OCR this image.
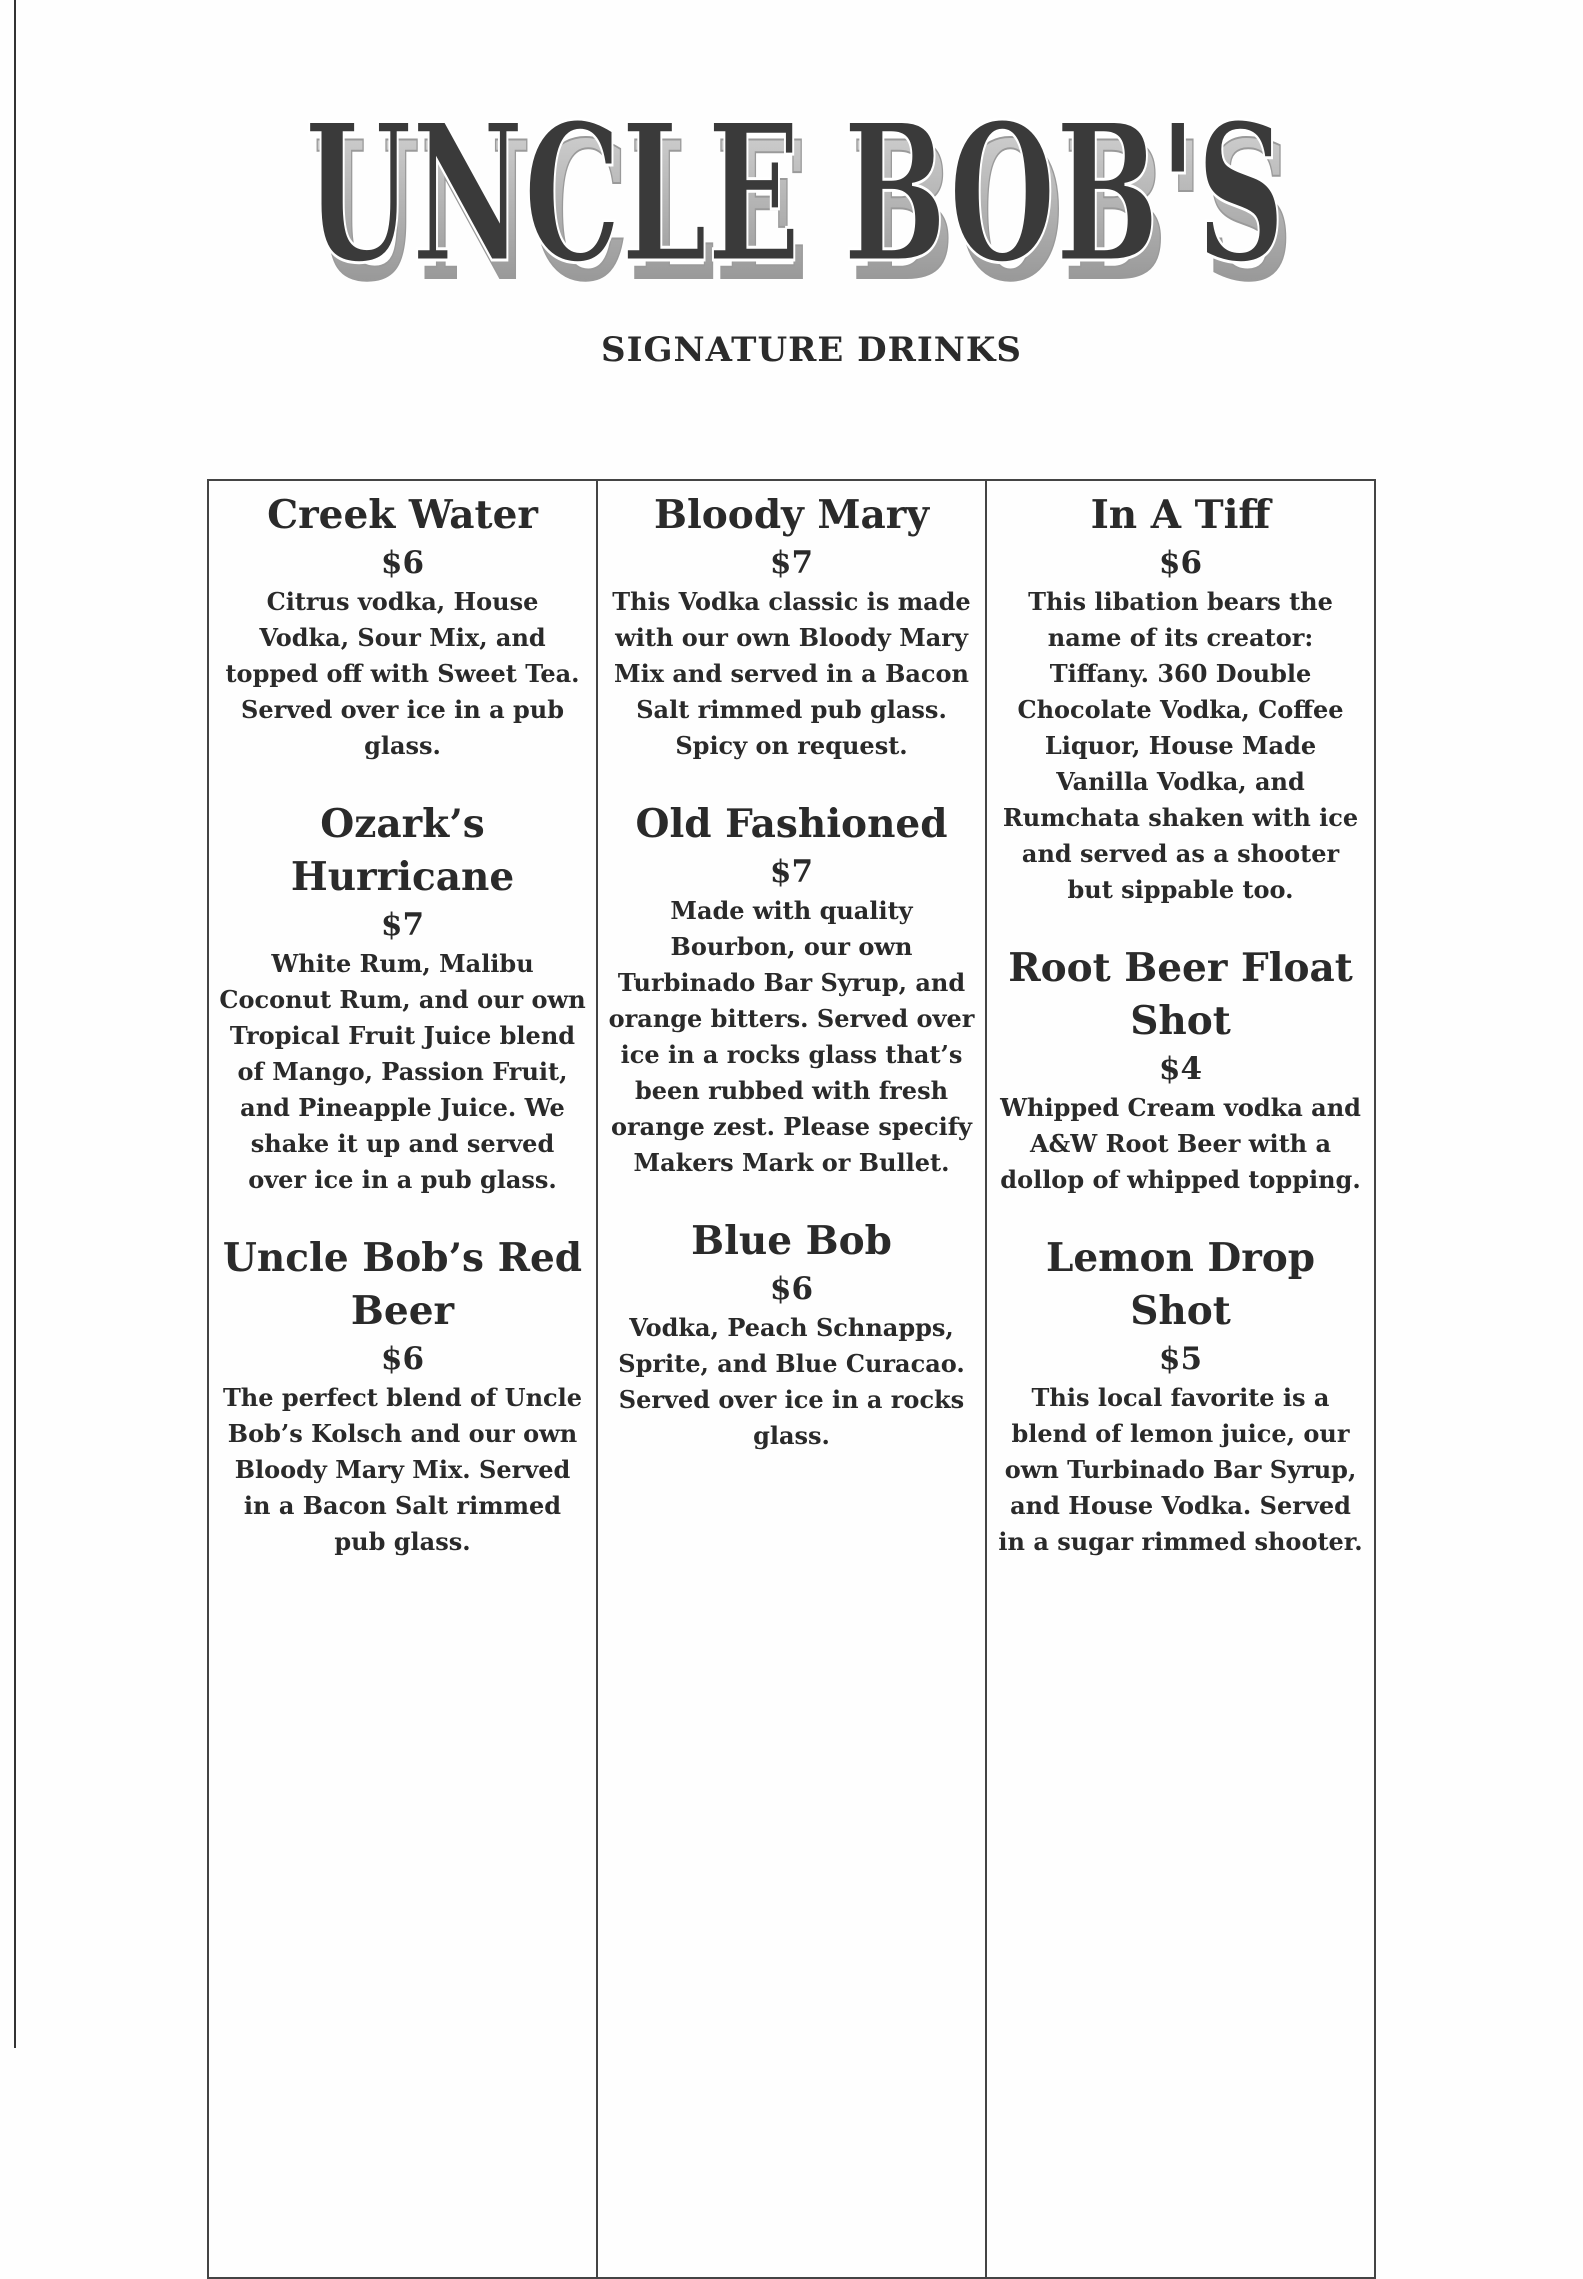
UNCLE BOB'S
UNCLE BOB'S
SIGNATURE DRINKS
Creek Water
$6
Citrus vodka, House Vodka, Sour Mix, and topped off with Sweet Tea. Served over ice in a pub glass.
Ozark’s Hurricane
$7
White Rum, Malibu Coconut Rum, and our own Tropical Fruit Juice blend of Mango, Passion Fruit, and Pineapple Juice. We shake it up and served over ice in a pub glass.
Uncle Bob’s Red Beer
$6
The perfect blend of Uncle Bob’s Kolsch and our own Bloody Mary Mix. Served in a Bacon Salt rimmed pub glass.
Bloody Mary
$7
This Vodka classic is made with our own Bloody Mary Mix and served in a Bacon Salt rimmed pub glass. Spicy on request.
Old Fashioned
$7
Made with quality Bourbon, our own Turbinado Bar Syrup, and orange bitters. Served over ice in a rocks glass that’s been rubbed with fresh orange zest. Please specify Makers Mark or Bullet.
Blue Bob
$6
Vodka, Peach Schnapps, Sprite, and Blue Curacao. Served over ice in a rocks glass.
In A Tiff
$6
This libation bears the name of its creator: Tiffany. 360 Double Chocolate Vodka, Coffee Liquor, House Made Vanilla Vodka, and Rumchata shaken with ice and served as a shooter but sippable too.
Root Beer Float Shot
$4
Whipped Cream vodka and A&W Root Beer with a dollop of whipped topping.
Lemon Drop Shot
$5
This local favorite is a blend of lemon juice, our own Turbinado Bar Syrup, and House Vodka. Served in a sugar rimmed shooter.
